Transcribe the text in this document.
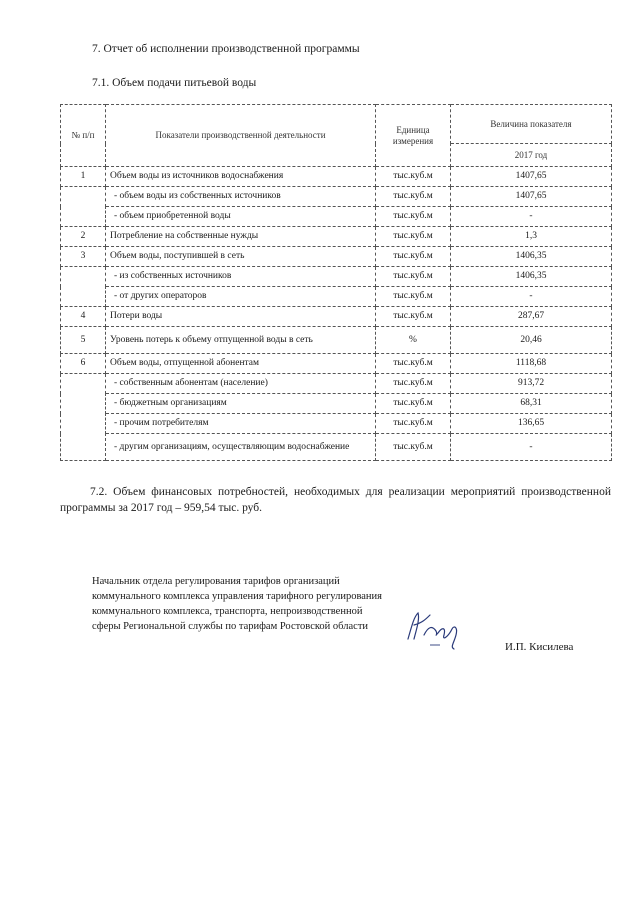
7. Отчет об исполнении производственной программы
7.1. Объем подачи питьевой воды
№ п/п	Показатели производственной деятельности	Единица измерения	Величина показателя
			2017 год
1	Объем воды из источников водоснабжения	тыс.куб.м	1407,65
	- объем воды из собственных источников	тыс.куб.м	1407,65
	- объем приобретенной воды	тыс.куб.м	-
2	Потребление на собственные нужды	тыс.куб.м	1,3
3	Объем воды, поступившей в сеть	тыс.куб.м	1406,35
	- из собственных источников	тыс.куб.м	1406,35
	- от других операторов	тыс.куб.м	-
4	Потери воды	тыс.куб.м	287,67
5	Уровень потерь к объему отпущенной воды в сеть	%	20,46
6	Объем воды, отпущенной абонентам	тыс.куб.м	1118,68
	- собственным абонентам (население)	тыс.куб.м	913,72
	- бюджетным организациям	тыс.куб.м	68,31
	- прочим потребителям	тыс.куб.м	136,65
	- другим организациям, осуществляющим водоснабжение	тыс.куб.м	-
7.2. Объем финансовых потребностей, необходимых для реализации мероприятий производственной программы за 2017 год – 959,54 тыс. руб.
Начальник отдела регулирования тарифов организаций коммунального комплекса управления тарифного регулирования коммунального комплекса, транспорта, непроизводственной сферы Региональной службы по тарифам Ростовской области
И.П. Кисилева
